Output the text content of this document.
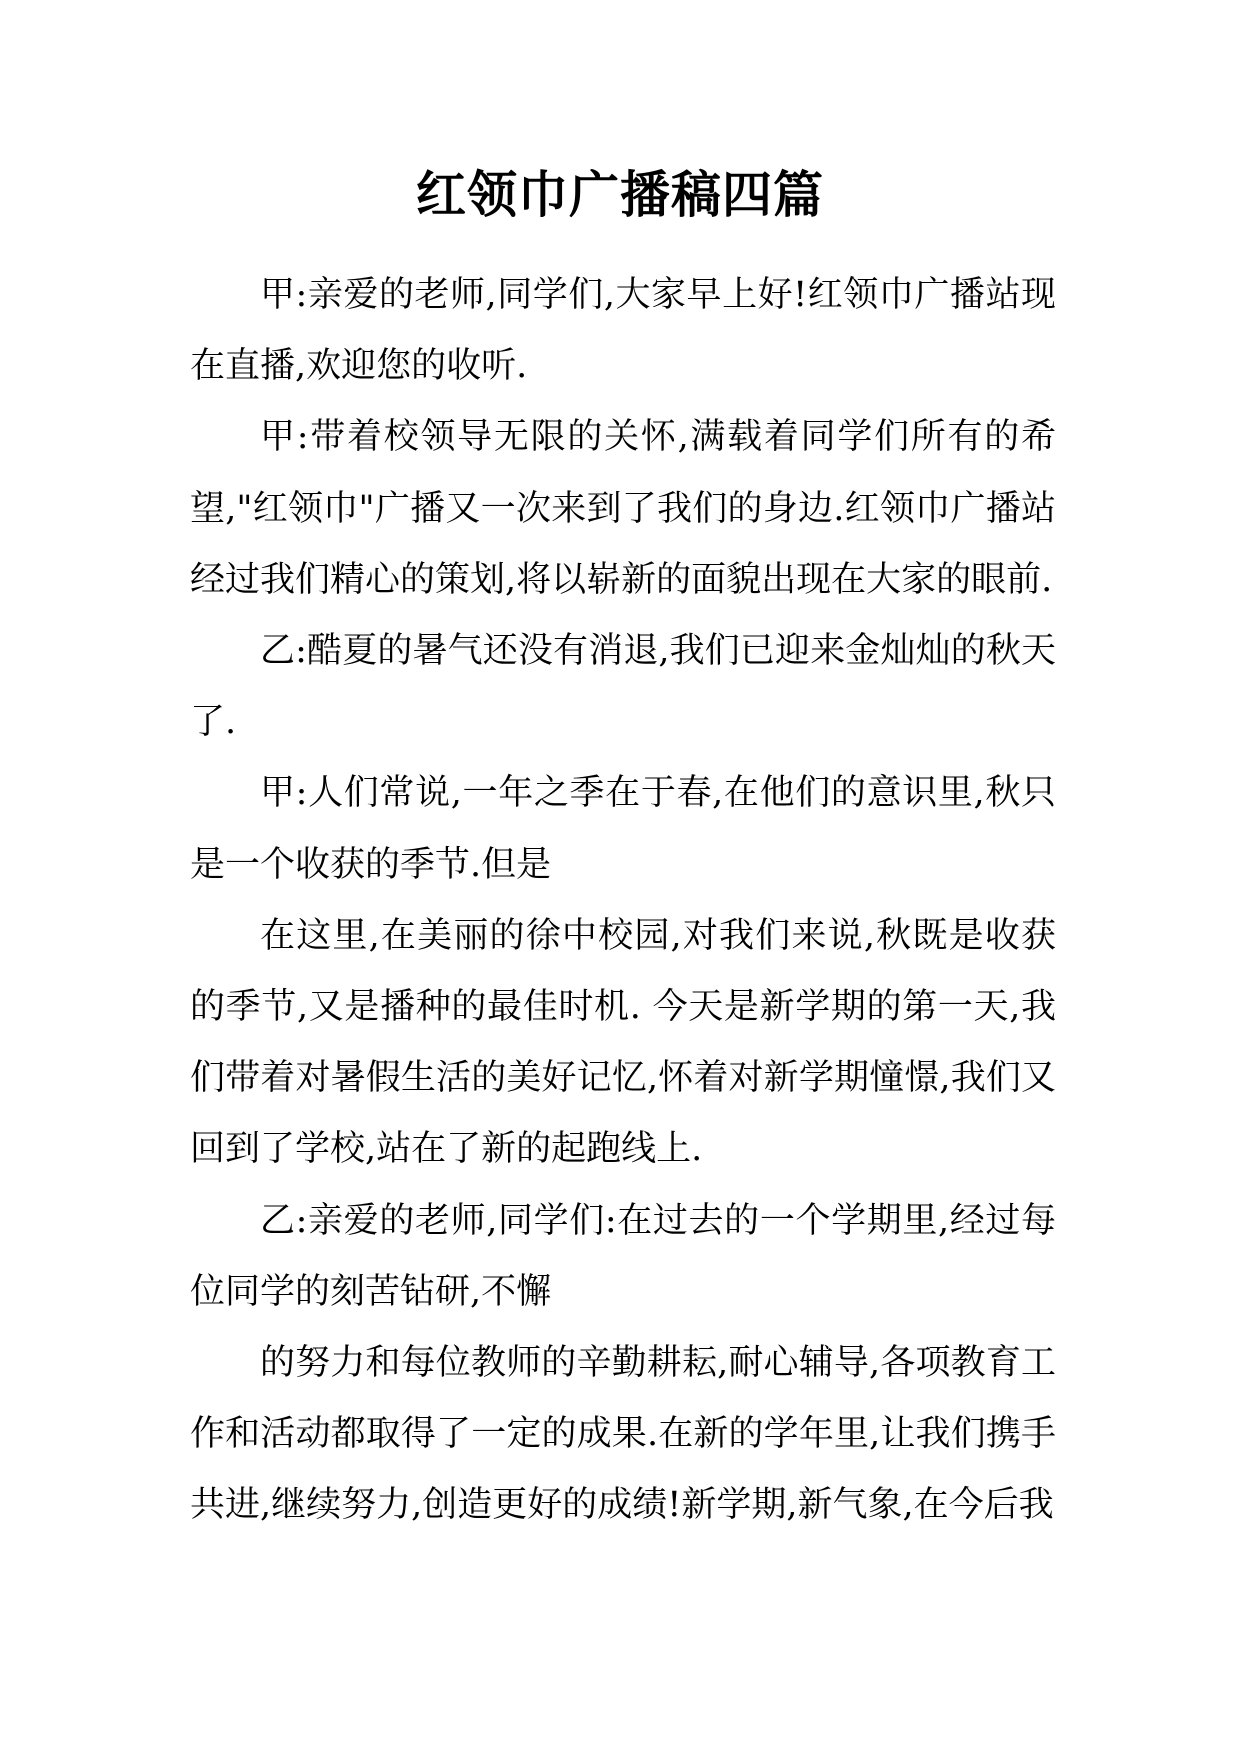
红领巾广播稿四篇

甲:亲爱的老师,同学们,大家早上好!红领巾广播站现在直播,欢迎您的收听.

甲:带着校领导无限的关怀,满载着同学们所有的希望,"红领巾"广播又一次来到了我们的身边.红领巾广播站经过我们精心的策划,将以崭新的面貌出现在大家的眼前.

乙:酷夏的暑气还没有消退,我们已迎来金灿灿的秋天了.

甲:人们常说,一年之季在于春,在他们的意识里,秋只是一个收获的季节.但是

在这里,在美丽的徐中校园,对我们来说,秋既是收获的季节,又是播种的最佳时机. 今天是新学期的第一天,我们带着对暑假生活的美好记忆,怀着对新学期憧憬,我们又回到了学校,站在了新的起跑线上.

乙:亲爱的老师,同学们:在过去的一个学期里,经过每位同学的刻苦钻研,不懈

的努力和每位教师的辛勤耕耘,耐心辅导,各项教育工作和活动都取得了一定的成果.在新的学年里,让我们携手共进,继续努力,创造更好的成绩!新学期,新气象,在今后我
